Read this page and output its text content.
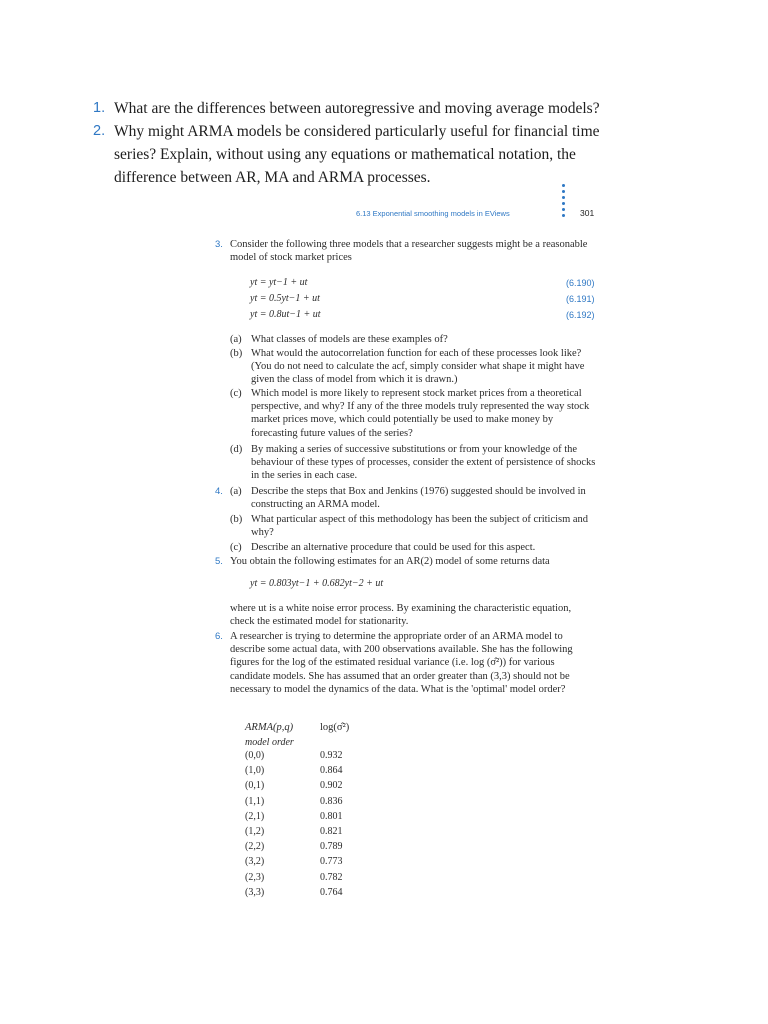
1. What are the differences between autoregressive and moving average models?
2. Why might ARMA models be considered particularly useful for financial time series? Explain, without using any equations or mathematical notation, the difference between AR, MA and ARMA processes.
6.13 Exponential smoothing models in EViews	301
3. Consider the following three models that a researcher suggests might be a reasonable model of stock market prices
yt = yt−1 + ut	(6.190)
yt = 0.5yt−1 + ut	(6.191)
yt = 0.8ut−1 + ut	(6.192)
(a) What classes of models are these examples of?
(b) What would the autocorrelation function for each of these processes look like? (You do not need to calculate the acf, simply consider what shape it might have given the class of model from which it is drawn.)
(c) Which model is more likely to represent stock market prices from a theoretical perspective, and why? If any of the three models truly represented the way stock market prices move, which could potentially be used to make money by forecasting future values of the series?
(d) By making a series of successive substitutions or from your knowledge of the behaviour of these types of processes, consider the extent of persistence of shocks in the series in each case.
4. (a) Describe the steps that Box and Jenkins (1976) suggested should be involved in constructing an ARMA model.
(b) What particular aspect of this methodology has been the subject of criticism and why?
(c) Describe an alternative procedure that could be used for this aspect.
5. You obtain the following estimates for an AR(2) model of some returns data
yt = 0.803yt−1 + 0.682yt−2 + ut
where ut is a white noise error process. By examining the characteristic equation, check the estimated model for stationarity.
6. A researcher is trying to determine the appropriate order of an ARMA model to describe some actual data, with 200 observations available. She has the following figures for the log of the estimated residual variance (i.e. log (σ̂²)) for various candidate models. She has assumed that an order greater than (3,3) should not be necessary to model the dynamics of the data. What is the 'optimal' model order?
ARMA(p,q)	log(σ̂²)
model order
(0,0)	0.932
(1,0)	0.864
(0,1)	0.902
(1,1)	0.836
(2,1)	0.801
(1,2)	0.821
(2,2)	0.789
(3,2)	0.773
(2,3)	0.782
(3,3)	0.764
